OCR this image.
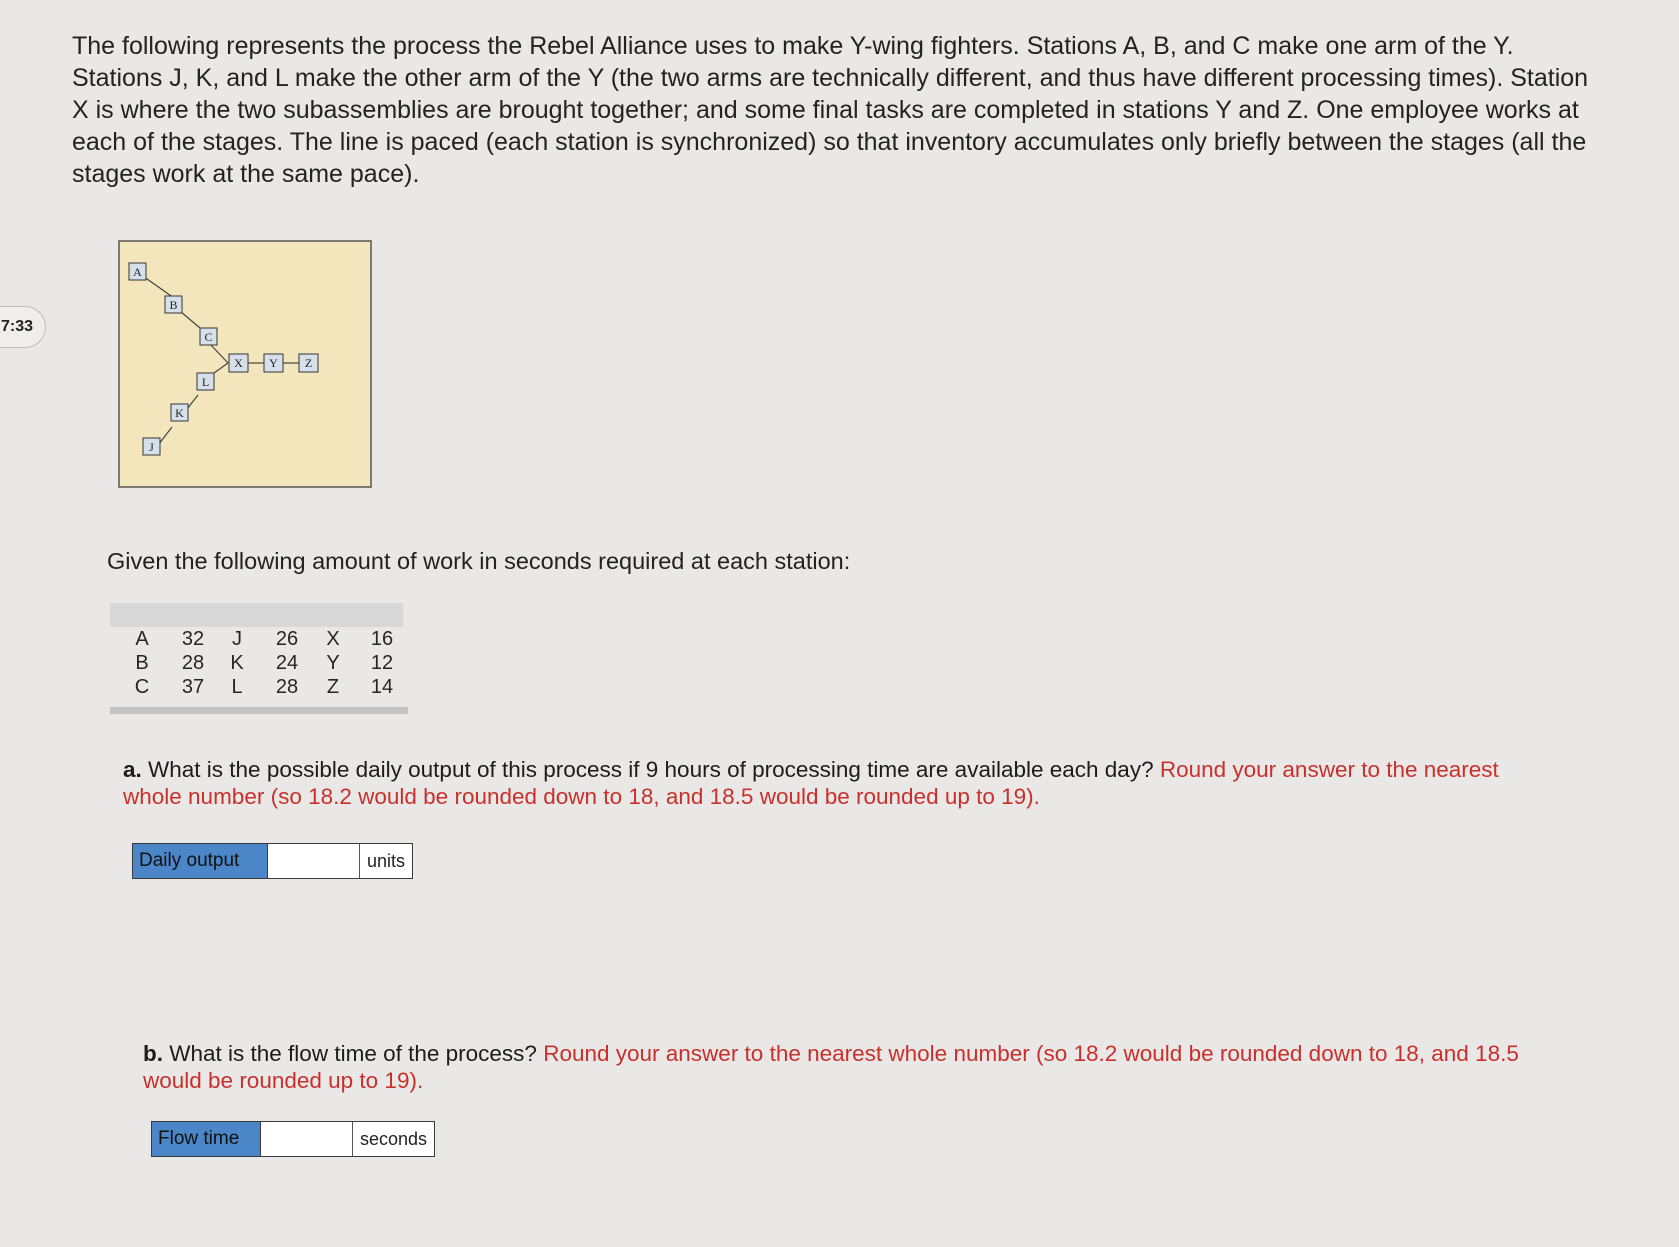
7:33
The following represents the process the Rebel Alliance uses to make Y-wing fighters. Stations A, B, and C make one arm of the Y. Stations J, K, and L make the other arm of the Y (the two arms are technically different, and thus have different processing times). Station X is where the two subassemblies are brought together; and some final tasks are completed in stations Y and Z. One employee works at each of the stages. The line is paced (each station is synchronized) so that inventory accumulates only briefly between the stages (all the stages work at the same pace).
A
B
C
L
K
J
X Y Z
Given the following amount of work in seconds required at each station:
A	32	J	26	X	16
B	28	K	24	Y	12
C	37	L	28	Z	14
a. What is the possible daily output of this process if 9 hours of processing time are available each day? Round your answer to the nearest whole number (so 18.2 would be rounded down to 18, and 18.5 would be rounded up to 19).
Daily output	units
b. What is the flow time of the process? Round your answer to the nearest whole number (so 18.2 would be rounded down to 18, and 18.5 would be rounded up to 19).
Flow time	seconds
